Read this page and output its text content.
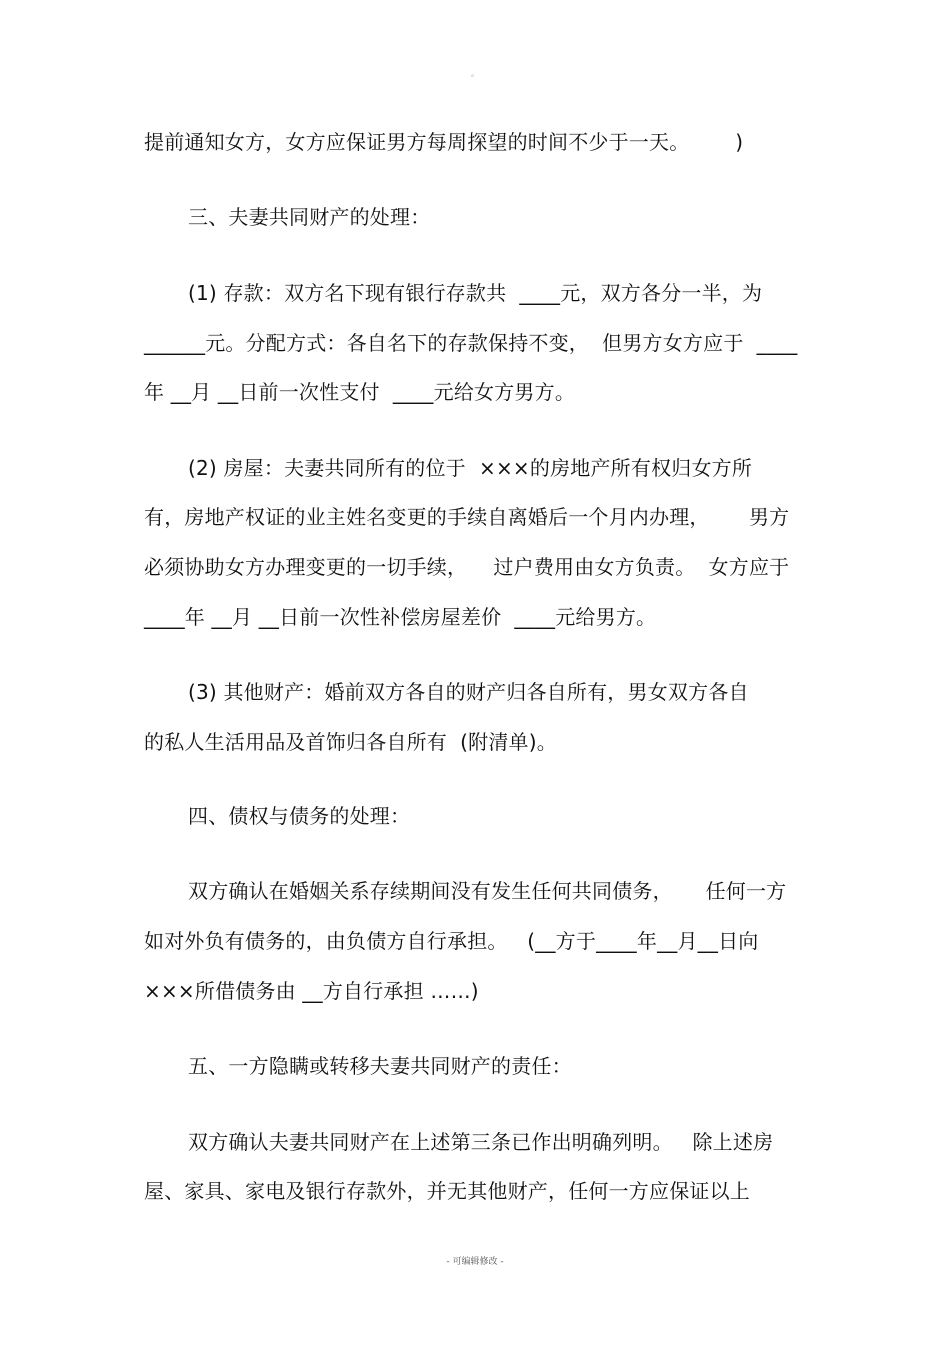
。
提前通知女方，女方应保证男方每周探望的时间不少于一天。       )
三、夫妻共同财产的处理：
(1) 存款：双方名下现有银行存款共  ____元，双方各分一半，为
______元。分配方式：各自名下的存款保持不变，  但男方女方应于  ____
年 __月 __日前一次性支付  ____元给女方男方。
(2) 房屋：夫妻共同所有的位于  ×××的房地产所有权归女方所
有，房地产权证的业主姓名变更的手续自离婚后一个月内办理，      男方
必须协助女方办理变更的一切手续，    过户费用由女方负责。  女方应于
____年 __月 __日前一次性补偿房屋差价  ____元给男方。
(3) 其他财产：婚前双方各自的财产归各自所有，男女双方各自
的私人生活用品及首饰归各自所有  (附清单)。
四、债权与债务的处理：
双方确认在婚姻关系存续期间没有发生任何共同债务，     任何一方
如对外负有债务的，由负债方自行承担。   (__方于____年__月__日向
×××所借债务由 __方自行承担 ……)
五、一方隐瞒或转移夫妻共同财产的责任：
双方确认夫妻共同财产在上述第三条已作出明确列明。   除上述房
屋、家具、家电及银行存款外，并无其他财产，任何一方应保证以上
- 可编辑修改 -
